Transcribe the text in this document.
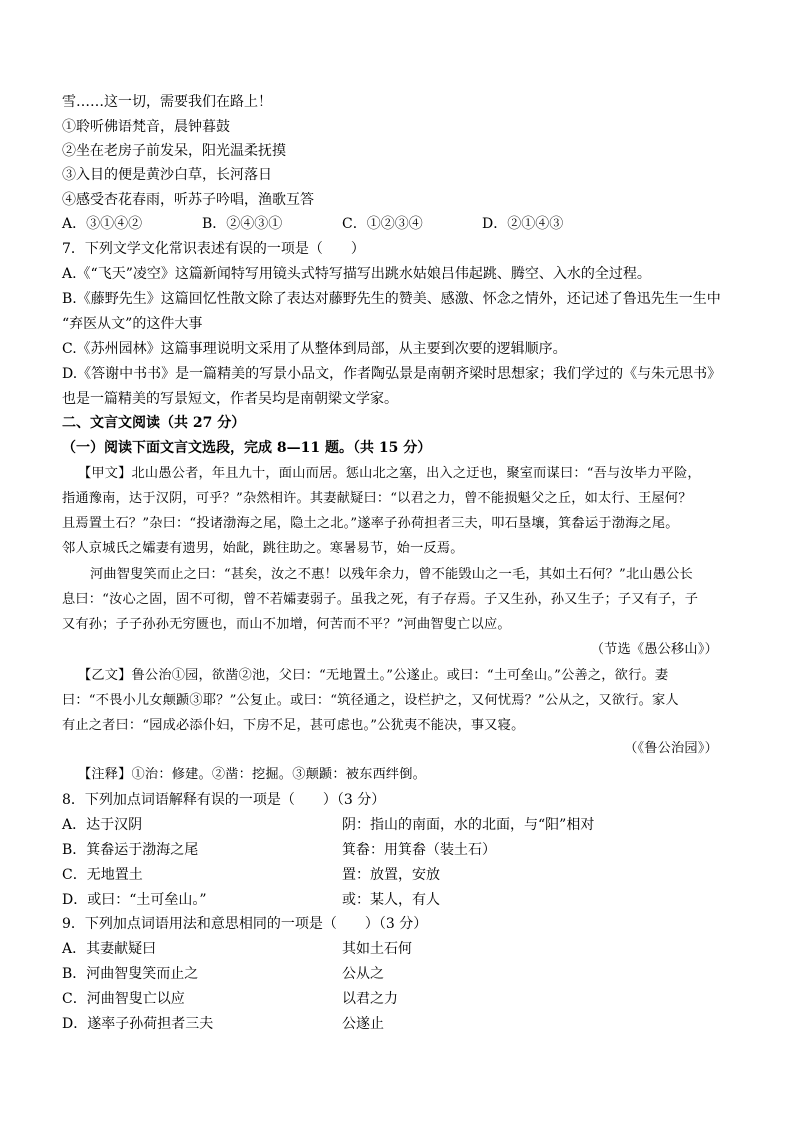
雪……这一切，需要我们在路上！
①聆听佛语梵音，晨钟暮鼓
②坐在老房子前发呆，阳光温柔抚摸
③入目的便是黄沙白草，长河落日
④感受杏花春雨，听苏子吟唱，渔歌互答
A．③①④②	B．②④③①	C．①②③④	D．②①④③
7．下列文学文化常识表述有误的一项是（　　）
A.《“飞天”凌空》这篇新闻特写用镜头式特写描写出跳水姑娘吕伟起跳、腾空、入水的全过程。
B.《藤野先生》这篇回忆性散文除了表达对藤野先生的赞美、感激、怀念之情外，还记述了鲁迅先生一生中
“弃医从文”的这件大事
C.《苏州园林》这篇事理说明文采用了从整体到局部，从主要到次要的逻辑顺序。
D.《答谢中书书》是一篇精美的写景小品文，作者陶弘景是南朝齐梁时思想家；我们学过的《与朱元思书》
也是一篇精美的写景短文，作者吴均是南朝梁文学家。
二、文言文阅读（共 27 分）
（一）阅读下面文言文选段，完成 8—11 题。（共 15 分）
【甲文】北山愚公者，年且九十，面山而居。惩山北之塞，出入之迂也，聚室而谋曰：“吾与汝毕力平险，
指通豫南，达于汉阴，可乎？”杂然相许。其妻献疑曰：“以君之力，曾不能损魁父之丘，如太行、王屋何？
且焉置土石？”杂曰：“投诸渤海之尾，隐土之北。”遂率子孙荷担者三夫，叩石垦壤，箕畚运于渤海之尾。
邻人京城氏之孀妻有遗男，始龀，跳往助之。寒暑易节，始一反焉。
河曲智叟笑而止之曰：“甚矣，汝之不惠！以残年余力，曾不能毁山之一毛，其如土石何？”北山愚公长
息曰：“汝心之固，固不可彻，曾不若孀妻弱子。虽我之死，有子存焉。子又生孙，孙又生子；子又有子，子
又有孙；子子孙孙无穷匮也，而山不加增，何苦而不平？”河曲智叟亡以应。
（节选《愚公移山》）
【乙文】鲁公治①园，欲凿②池，父曰：“无地置土。”公遂止。或曰：“土可垒山。”公善之，欲行。妻
曰：“不畏小儿女颠踬③耶？”公复止。或曰：“筑径通之，设栏护之，又何忧焉？”公从之，又欲行。家人
有止之者曰：“园成必添仆妇，下房不足，甚可虑也。”公犹夷不能决，事又寝。
（《鲁公治园》）
【注释】①治：修建。②凿：挖掘。③颠踬：被东西绊倒。
8．下列加点词语解释有误的一项是（　　）（3 分）
A．达于汉阴	阴：指山的南面，水的北面，与“阳”相对
B．箕畚运于渤海之尾	箕畚：用箕畚（装土石）
C．无地置土	置：放置，安放
D．或曰：“土可垒山。”	或：某人，有人
9．下列加点词语用法和意思相同的一项是（　　）（3 分）
A．其妻献疑曰	其如土石何
B．河曲智叟笑而止之	公从之
C．河曲智叟亡以应	以君之力
D．遂率子孙荷担者三夫	公遂止
